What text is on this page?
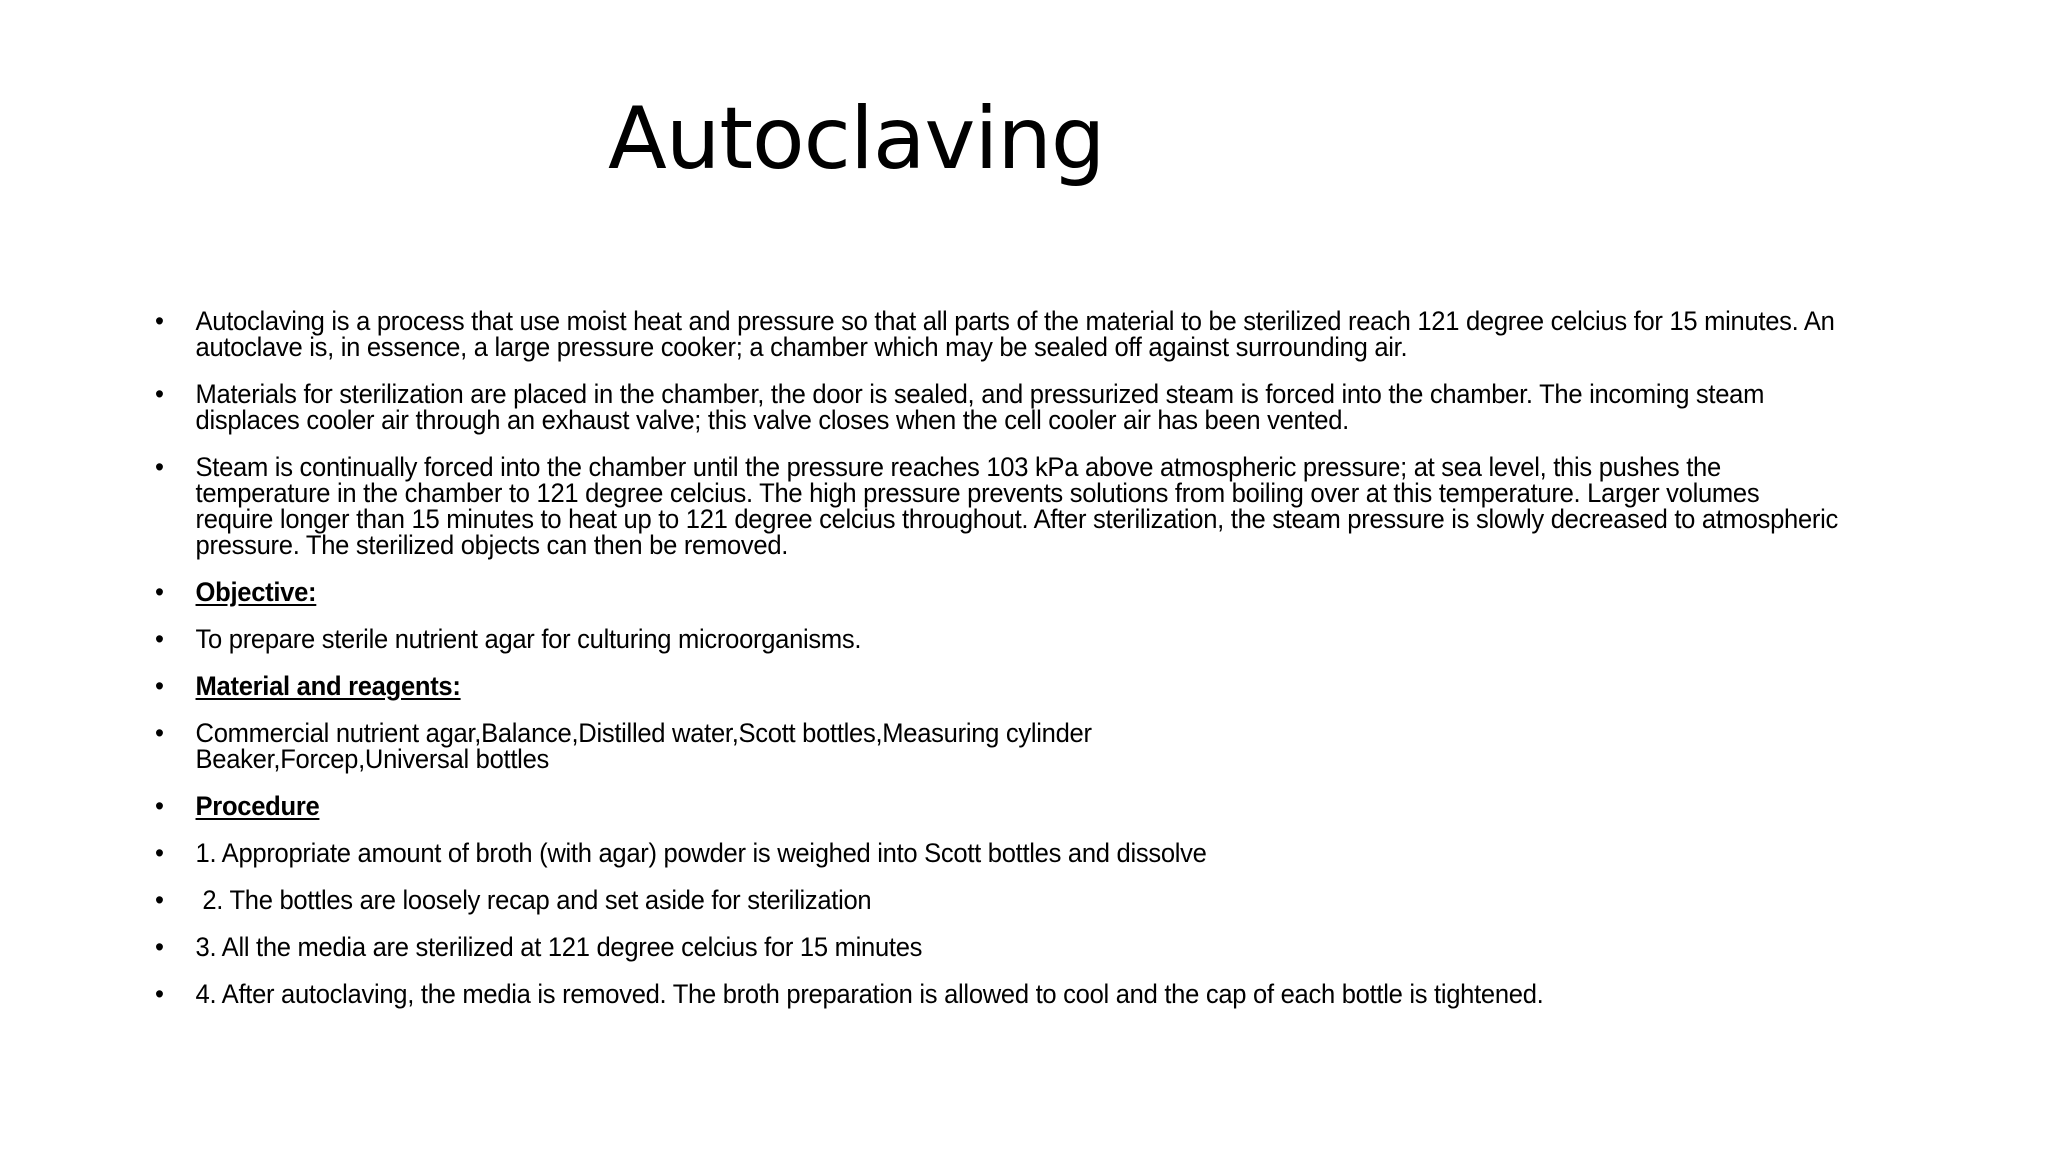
Autoclaving
• Autoclaving is a process that use moist heat and pressure so that all parts of the material to be sterilized reach 121 degree celcius for 15 minutes. An autoclave is, in essence, a large pressure cooker; a chamber which may be sealed off against surrounding air.
• Materials for sterilization are placed in the chamber, the door is sealed, and pressurized steam is forced into the chamber. The incoming steam displaces cooler air through an exhaust valve; this valve closes when the cell cooler air has been vented.
• Steam is continually forced into the chamber until the pressure reaches 103 kPa above atmospheric pressure; at sea level, this pushes the temperature in the chamber to 121 degree celcius. The high pressure prevents solutions from boiling over at this temperature. Larger volumes require longer than 15 minutes to heat up to 121 degree celcius throughout. After sterilization, the steam pressure is slowly decreased to atmospheric pressure. The sterilized objects can then be removed.
• Objective:
• To prepare sterile nutrient agar for culturing microorganisms.
• Material and reagents:
• Commercial nutrient agar,Balance,Distilled water,Scott bottles,Measuring cylinder
Beaker,Forcep,Universal bottles
• Procedure
• 1. Appropriate amount of broth (with agar) powder is weighed into Scott bottles and dissolve
•  2. The bottles are loosely recap and set aside for sterilization
• 3. All the media are sterilized at 121 degree celcius for 15 minutes
• 4. After autoclaving, the media is removed. The broth preparation is allowed to cool and the cap of each bottle is tightened.
